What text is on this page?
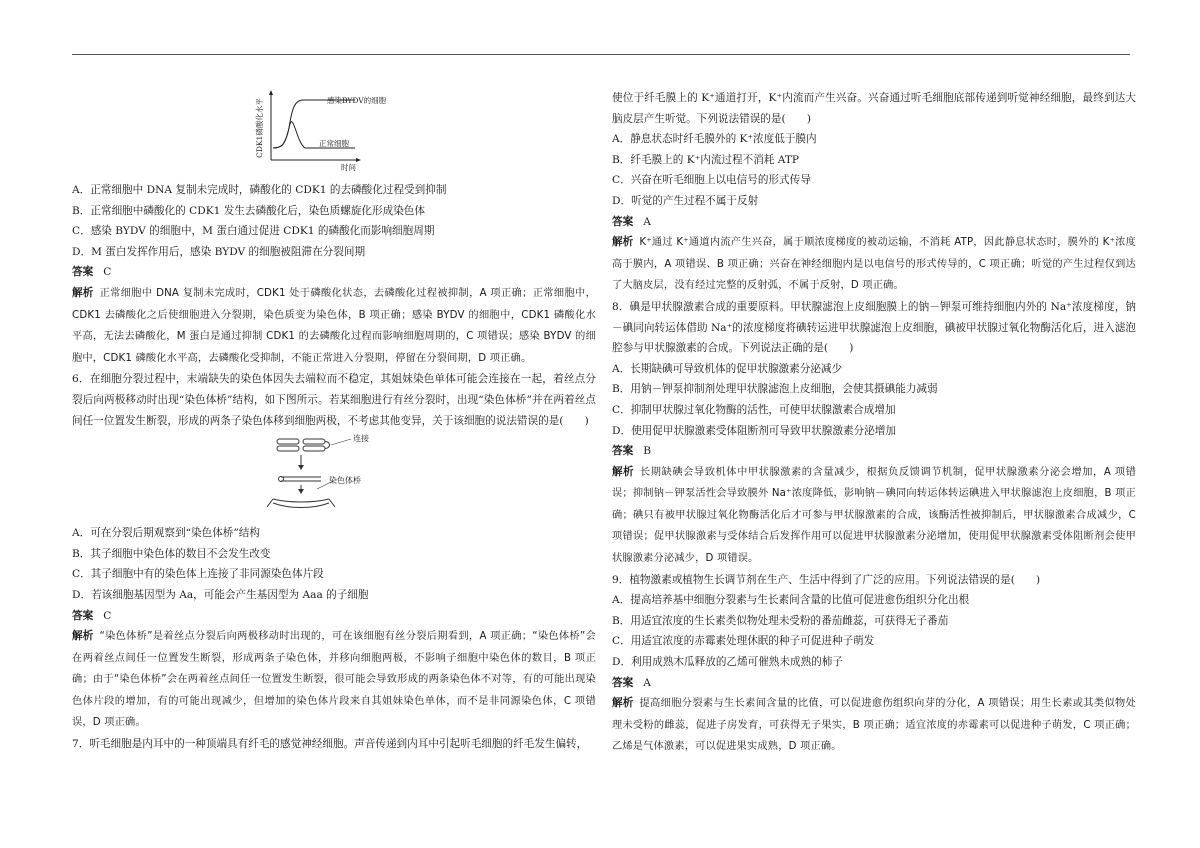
CDK1磷酸化水平
时间
感染BYDV的细胞
正常细胞

A．正常细胞中 DNA 复制未完成时，磷酸化的 CDK1 的去磷酸化过程受到抑制

B．正常细胞中磷酸化的 CDK1 发生去磷酸化后，染色质螺旋化形成染色体

C．感染 BYDV 的细胞中，M 蛋白通过促进 CDK1 的磷酸化而影响细胞周期

D．M 蛋白发挥作用后，感染 BYDV 的细胞被阻滞在分裂间期

答案 C

解析 正常细胞中 DNA 复制未完成时，CDK1 处于磷酸化状态，去磷酸化过程被抑制，A 项正确；正常细胞中，CDK1 去磷酸化之后使细胞进入分裂期，染色质变为染色体，B 项正确；感染 BYDV 的细胞中，CDK1 磷酸化水平高，无法去磷酸化，M 蛋白是通过抑制 CDK1 的去磷酸化过程而影响细胞周期的，C 项错误；感染 BYDV 的细胞中，CDK1 磷酸化水平高，去磷酸化受抑制，不能正常进入分裂期，停留在分裂间期，D 项正确。

6．在细胞分裂过程中，末端缺失的染色体因失去端粒而不稳定，其姐妹染色单体可能会连接在一起，着丝点分裂后向两极移动时出现“染色体桥”结构，如下图所示。若某细胞进行有丝分裂时，出现“染色体桥”并在两着丝点间任一位置发生断裂，形成的两条子染色体移到细胞两极，不考虑其他变异，关于该细胞的说法错误的是(　　)

连接
染色体桥

A．可在分裂后期观察到“染色体桥”结构

B．其子细胞中染色体的数目不会发生改变

C．其子细胞中有的染色体上连接了非同源染色体片段

D．若该细胞基因型为 Aa，可能会产生基因型为 Aaa 的子细胞

答案 C

解析 “染色体桥”是着丝点分裂后向两极移动时出现的，可在该细胞有丝分裂后期看到，A 项正确；“染色体桥”会在两着丝点间任一位置发生断裂，形成两条子染色体，并移向细胞两极，不影响子细胞中染色体的数目，B 项正确；由于“染色体桥”会在两着丝点间任一位置发生断裂，很可能会导致形成的两条染色体不对等，有的可能出现染色体片段的增加，有的可能出现减少，但增加的染色体片段来自其姐妹染色单体，而不是非同源染色体，C 项错误，D 项正确。

7．听毛细胞是内耳中的一种顶端具有纤毛的感觉神经细胞。声音传递到内耳中引起听毛细胞的纤毛发生偏转，

使位于纤毛膜上的 K⁺通道打开，K⁺内流而产生兴奋。兴奋通过听毛细胞底部传递到听觉神经细胞，最终到达大脑皮层产生听觉。下列说法错误的是(　　)

A．静息状态时纤毛膜外的 K⁺浓度低于膜内

B．纤毛膜上的 K⁺内流过程不消耗 ATP

C．兴奋在听毛细胞上以电信号的形式传导

D．听觉的产生过程不属于反射

答案 A

解析 K⁺通过 K⁺通道内流产生兴奋，属于顺浓度梯度的被动运输，不消耗 ATP，因此静息状态时，膜外的 K⁺浓度高于膜内，A 项错误、B 项正确；兴奋在神经细胞内是以电信号的形式传导的，C 项正确；听觉的产生过程仅到达了大脑皮层，没有经过完整的反射弧，不属于反射，D 项正确。

8．碘是甲状腺激素合成的重要原料。甲状腺滤泡上皮细胞膜上的钠－钾泵可维持细胞内外的 Na⁺浓度梯度，钠－碘同向转运体借助 Na⁺的浓度梯度将碘转运进甲状腺滤泡上皮细胞，碘被甲状腺过氧化物酶活化后，进入滤泡腔参与甲状腺激素的合成。下列说法正确的是(　　)

A．长期缺碘可导致机体的促甲状腺激素分泌减少

B．用钠－钾泵抑制剂处理甲状腺滤泡上皮细胞，会使其摄碘能力减弱

C．抑制甲状腺过氧化物酶的活性，可使甲状腺激素合成增加

D．使用促甲状腺激素受体阻断剂可导致甲状腺激素分泌增加

答案 B

解析 长期缺碘会导致机体中甲状腺激素的含量减少，根据负反馈调节机制，促甲状腺激素分泌会增加，A 项错误；抑制钠－钾泵活性会导致膜外 Na⁺浓度降低，影响钠－碘同向转运体转运碘进入甲状腺滤泡上皮细胞，B 项正确；碘只有被甲状腺过氧化物酶活化后才可参与甲状腺激素的合成，该酶活性被抑制后，甲状腺激素合成减少，C 项错误；促甲状腺激素与受体结合后发挥作用可以促进甲状腺激素分泌增加，使用促甲状腺激素受体阻断剂会使甲状腺激素分泌减少，D 项错误。

9．植物激素或植物生长调节剂在生产、生活中得到了广泛的应用。下列说法错误的是(　　)

A．提高培养基中细胞分裂素与生长素间含量的比值可促进愈伤组织分化出根

B．用适宜浓度的生长素类似物处理未受粉的番茄雌蕊，可获得无子番茄

C．用适宜浓度的赤霉素处理休眠的种子可促进种子萌发

D．利用成熟木瓜释放的乙烯可催熟未成熟的柿子

答案 A

解析 提高细胞分裂素与生长素间含量的比值，可以促进愈伤组织向芽的分化，A 项错误；用生长素或其类似物处理未受粉的雌蕊，促进子房发育，可获得无子果实，B 项正确；适宜浓度的赤霉素可以促进种子萌发，C 项正确；乙烯是气体激素，可以促进果实成熟，D 项正确。
